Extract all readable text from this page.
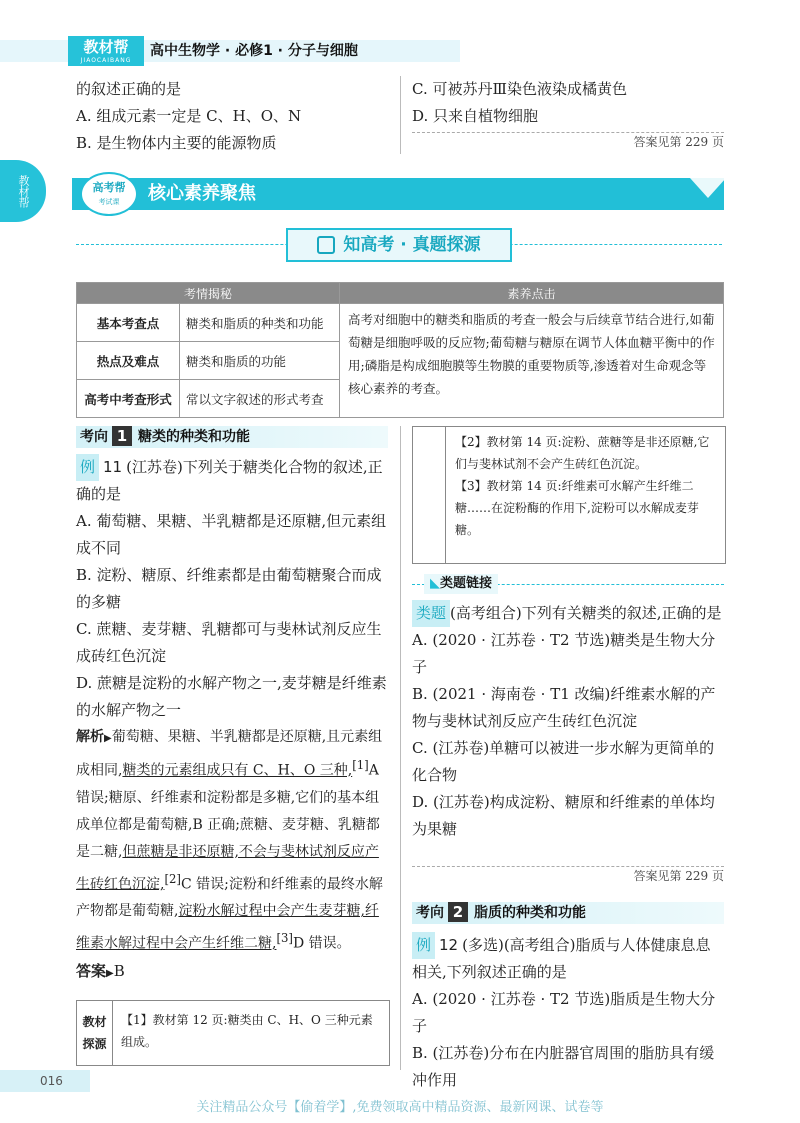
教材帮
JIAOCAIBANG
高中生物学 · 必修1 · 分子与细胞
教材帮
的叙述正确的是
A. 组成元素一定是 C、H、O、N
B. 是生物体内主要的能源物质
C. 可被苏丹Ⅲ染色液染成橘黄色
D. 只来自植物细胞
答案见第 229 页
高考帮
考试课	核心素养聚焦
知高考 · 真题探源
考情揭秘		素养点击
基本考查点	糖类和脂质的种类和功能	高考对细胞中的糖类和脂质的考查一般会与后续章节结合进行,如葡萄糖是细胞呼吸的反应物;葡萄糖与糖原在调节人体血糖平衡中的作用;磷脂是构成细胞膜等生物膜的重要物质等,渗透着对生命观念等核心素养的考查。
热点及难点	糖类和脂质的功能	
高考中考查形式	常以文字叙述的形式考查	
考向 1 糖类的种类和功能
例 11 (江苏卷)下列关于糖类化合物的叙述,正确的是
A. 葡萄糖、果糖、半乳糖都是还原糖,但元素组成不同
B. 淀粉、糖原、纤维素都是由葡萄糖聚合而成的多糖
C. 蔗糖、麦芽糖、乳糖都可与斐林试剂反应生成砖红色沉淀
D. 蔗糖是淀粉的水解产物之一,麦芽糖是纤维素的水解产物之一
解析▶葡萄糖、果糖、半乳糖都是还原糖,且元素组成相同,糖类的元素组成只有 C、H、O 三种,[1]A 错误;糖原、纤维素和淀粉都是多糖,它们的基本组成单位都是葡萄糖,B 正确;蔗糖、麦芽糖、乳糖都是二糖,但蔗糖是非还原糖,不会与斐林试剂反应产生砖红色沉淀,[2]C 错误;淀粉和纤维素的最终水解产物都是葡萄糖,淀粉水解过程中会产生麦芽糖,纤维素水解过程中会产生纤维二糖,[3]D 错误。
答案▶B
教材
探源
【1】教材第 12 页:糖类由 C、H、O 三种元素组成。
【2】教材第 14 页:淀粉、蔗糖等是非还原糖,它们与斐林试剂不会产生砖红色沉淀。
【3】教材第 14 页:纤维素可水解产生纤维二糖……在淀粉酶的作用下,淀粉可以水解成麦芽糖。
◣类题链接
类题 (高考组合)下列有关糖类的叙述,正确的是
A. (2020 · 江苏卷 · T2 节选)糖类是生物大分子
B. (2021 · 海南卷 · T1 改编)纤维素水解的产物与斐林试剂反应产生砖红色沉淀
C. (江苏卷)单糖可以被进一步水解为更简单的化合物
D. (江苏卷)构成淀粉、糖原和纤维素的单体均为果糖
答案见第 229 页
考向 2 脂质的种类和功能
例 12 (多选)(高考组合)脂质与人体健康息息相关,下列叙述正确的是
A. (2020 · 江苏卷 · T2 节选)脂质是生物大分子
B. (江苏卷)分布在内脏器官周围的脂肪具有缓冲作用
016
关注精品公众号【偷着学】,免费领取高中精品资源、最新网课、试卷等
